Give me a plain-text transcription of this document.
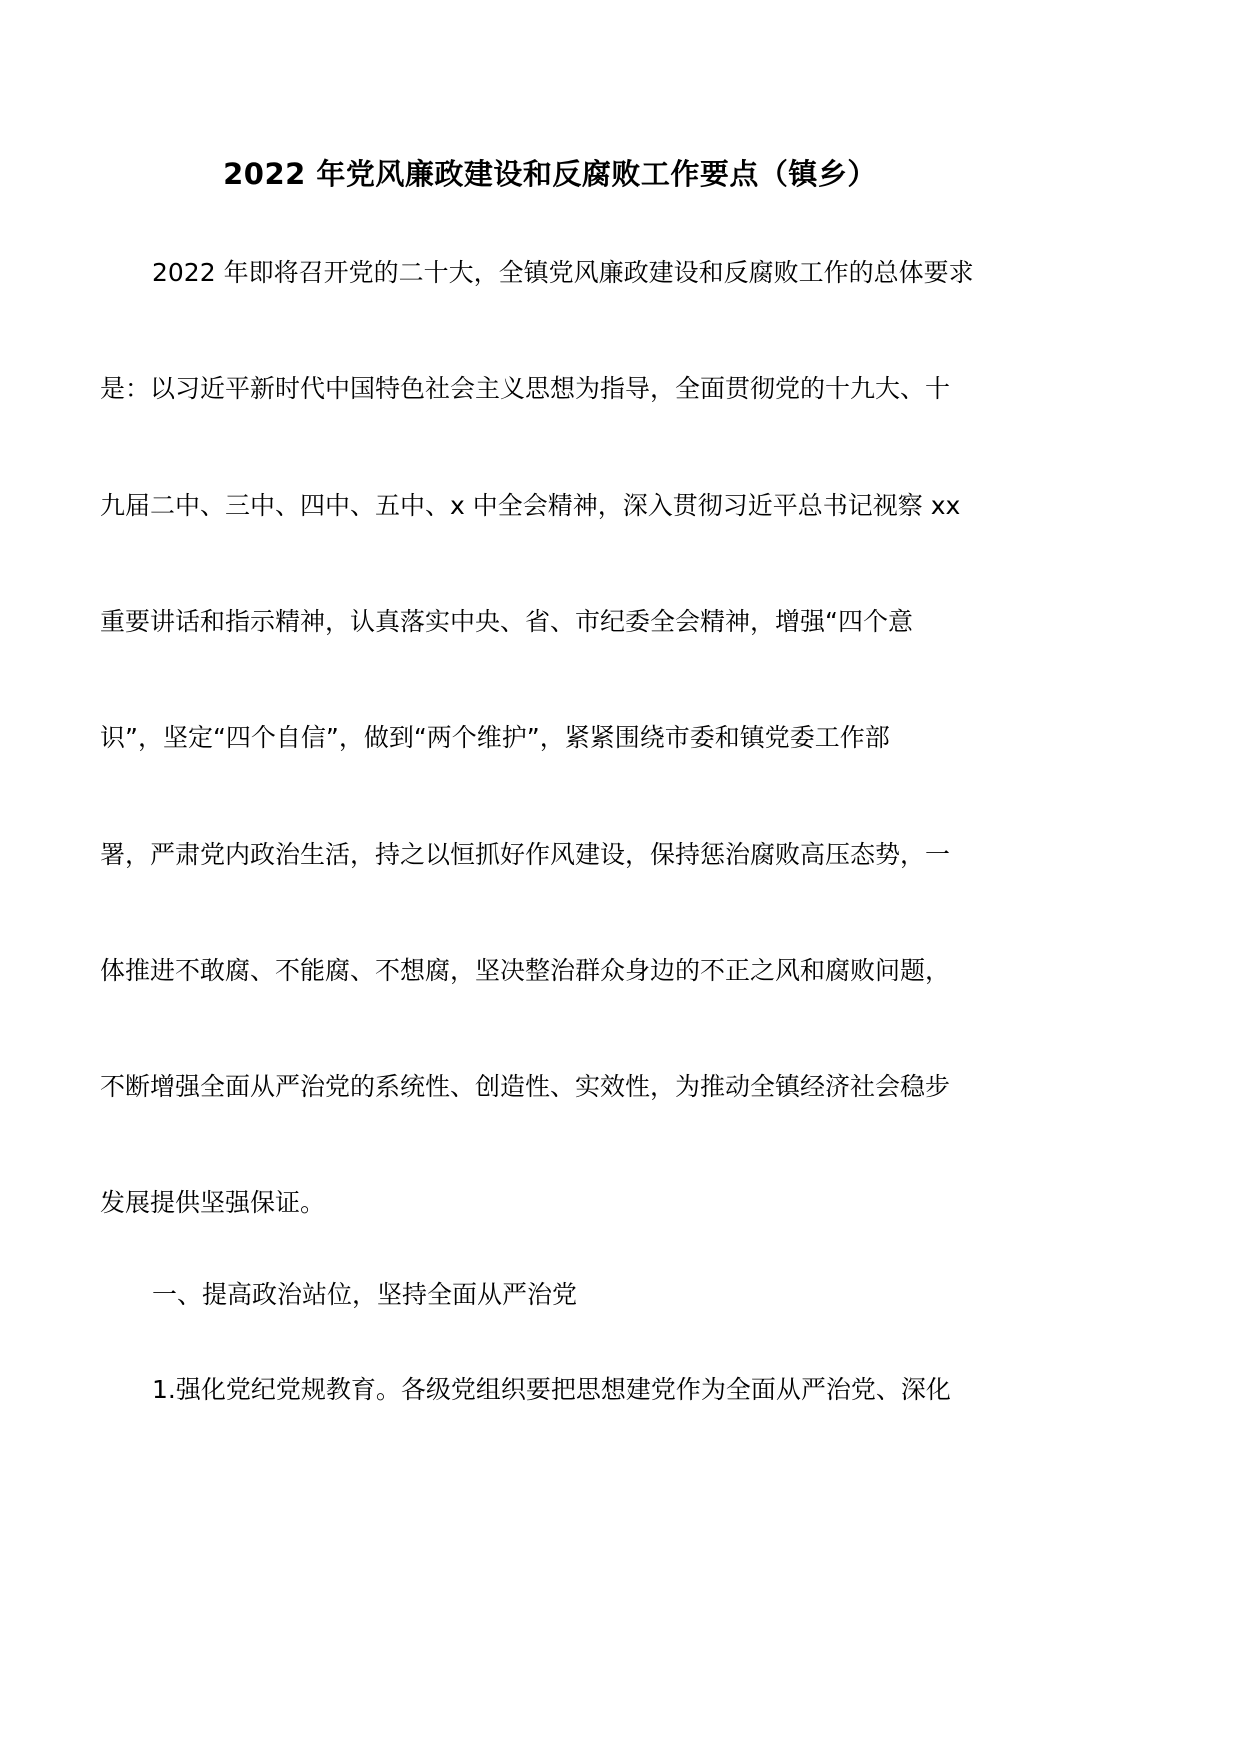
2022 年党风廉政建设和反腐败工作要点（镇乡）
2022 年即将召开党的二十大，全镇党风廉政建设和反腐败工作的总体要求
是：以习近平新时代中国特色社会主义思想为指导，全面贯彻党的十九大、十
九届二中、三中、四中、五中、x 中全会精神，深入贯彻习近平总书记视察 xx
重要讲话和指示精神，认真落实中央、省、市纪委全会精神，增强“四个意
识”，坚定“四个自信”，做到“两个维护”，紧紧围绕市委和镇党委工作部
署，严肃党内政治生活，持之以恒抓好作风建设，保持惩治腐败高压态势，一
体推进不敢腐、不能腐、不想腐，坚决整治群众身边的不正之风和腐败问题，
不断增强全面从严治党的系统性、创造性、实效性，为推动全镇经济社会稳步
发展提供坚强保证。
一、提高政治站位，坚持全面从严治党
1.强化党纪党规教育。各级党组织要把思想建党作为全面从严治党、深化
